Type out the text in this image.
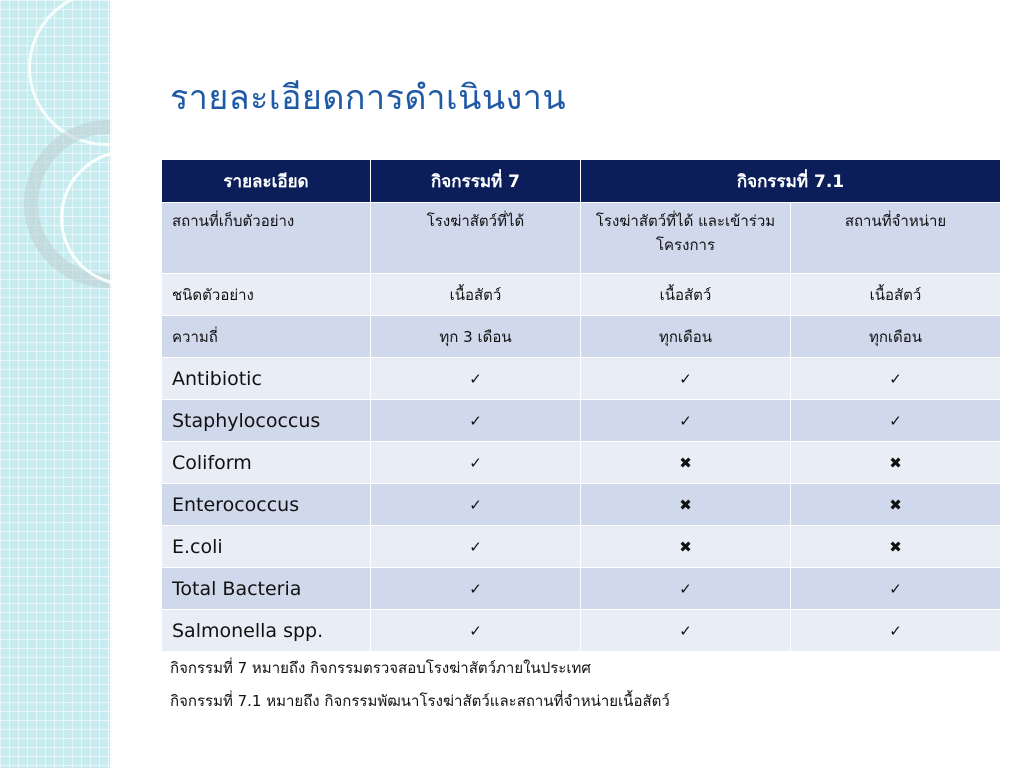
รายละเอียดการดำเนินงาน
รายละเอียด	กิจกรรมที่ 7	กิจกรรมที่ 7.1	
สถานที่เก็บตัวอย่าง	โรงฆ่าสัตว์ที่ได้	โรงฆ่าสัตว์ที่ได้ และเข้าร่วมโครงการ	สถานที่จำหน่าย
ชนิดตัวอย่าง	เนื้อสัตว์	เนื้อสัตว์	เนื้อสัตว์
ความถี่	ทุก 3 เดือน	ทุกเดือน	ทุกเดือน
Antibiotic	✓	✓	✓
Staphylococcus	✓	✓	✓
Coliform	✓	✖	✖
Enterococcus	✓	✖	✖
E.coli	✓	✖	✖
Total Bacteria	✓	✓	✓
Salmonella spp.	✓	✓	✓
กิจกรรมที่ 7 หมายถึง กิจกรรมตรวจสอบโรงฆ่าสัตว์ภายในประเทศ
กิจกรรมที่ 7.1 หมายถึง กิจกรรมพัฒนาโรงฆ่าสัตว์และสถานที่จำหน่ายเนื้อสัตว์
